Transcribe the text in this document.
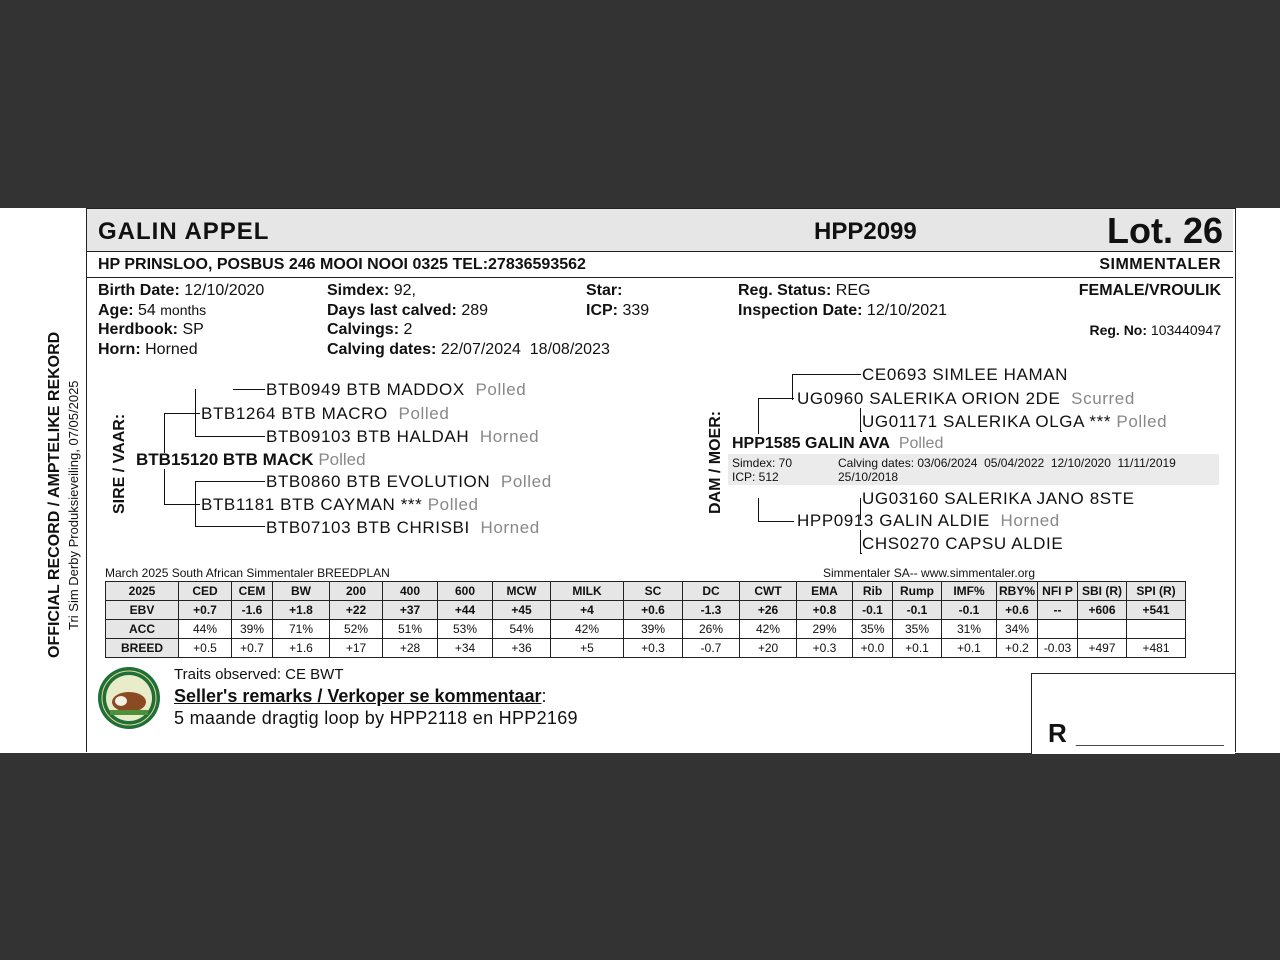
OFFICIAL RECORD / AMPTELIKE REKORD Tri Sim Derby Produksieveiling, 07/05/2025
GALIN APPEL	HPP2099	Lot. 26
HP PRINSLOO, POSBUS 246 MOOI NOOI 0325 TEL:27836593562	SIMMENTALER
Birth Date: 12/10/2020
Age: 54 months
Herdbook: SP
Horn: Horned
Simdex: 92,
Days last calved: 289
Calvings: 2
Calving dates: 22/07/2024  18/08/2023
Star:
ICP: 339
Reg. Status: REG
Inspection Date: 12/10/2021
FEMALE/VROULIK
Reg. No: 103440947
SIRE / VAAR:
BTB0949 BTB MADDOX Polled
BTB1264 BTB MACRO Polled
BTB09103 BTB HALDAH Horned
BTB15120 BTB MACK Polled
BTB0860 BTB EVOLUTION Polled
BTB1181 BTB CAYMAN *** Polled
BTB07103 BTB CHRISBI Horned
DAM / MOER:
CE0693 SIMLEE HAMAN
UG0960 SALERIKA ORION 2DE Scurred
UG01171 SALERIKA OLGA *** Polled
HPP1585 GALIN AVA Polled
Simdex: 70
ICP: 512
Calving dates: 03/06/2024  05/04/2022  12/10/2020  11/11/2019
25/10/2018
UG03160 SALERIKA JANO 8STE
HPP0913 GALIN ALDIE Horned
CHS0270 CAPSU ALDIE
March 2025 South African Simmentaler BREEDPLAN	Simmentaler SA-- www.simmentaler.org
2025	CED	CEM	BW	200	400	600	MCW	MILK	SC	DC	CWT	EMA	Rib	Rump	IMF%	RBY%	NFI P	SBI (R)	SPI (R)
EBV	+0.7	-1.6	+1.8	+22	+37	+44	+45	+4	+0.6	-1.3	+26	+0.8	-0.1	-0.1	-0.1	+0.6	--	+606	+541
ACC	44%	39%	71%	52%	51%	53%	54%	42%	39%	26%	42%	29%	35%	35%	31%	34%			
BREED	+0.5	+0.7	+1.6	+17	+28	+34	+36	+5	+0.3	-0.7	+20	+0.3	+0.0	+0.1	+0.1	+0.2	-0.03	+497	+481
Traits observed: CE BWT
Seller's remarks / Verkoper se kommentaar:
5 maande dragtig loop by HPP2118 en HPP2169	R ___________________
